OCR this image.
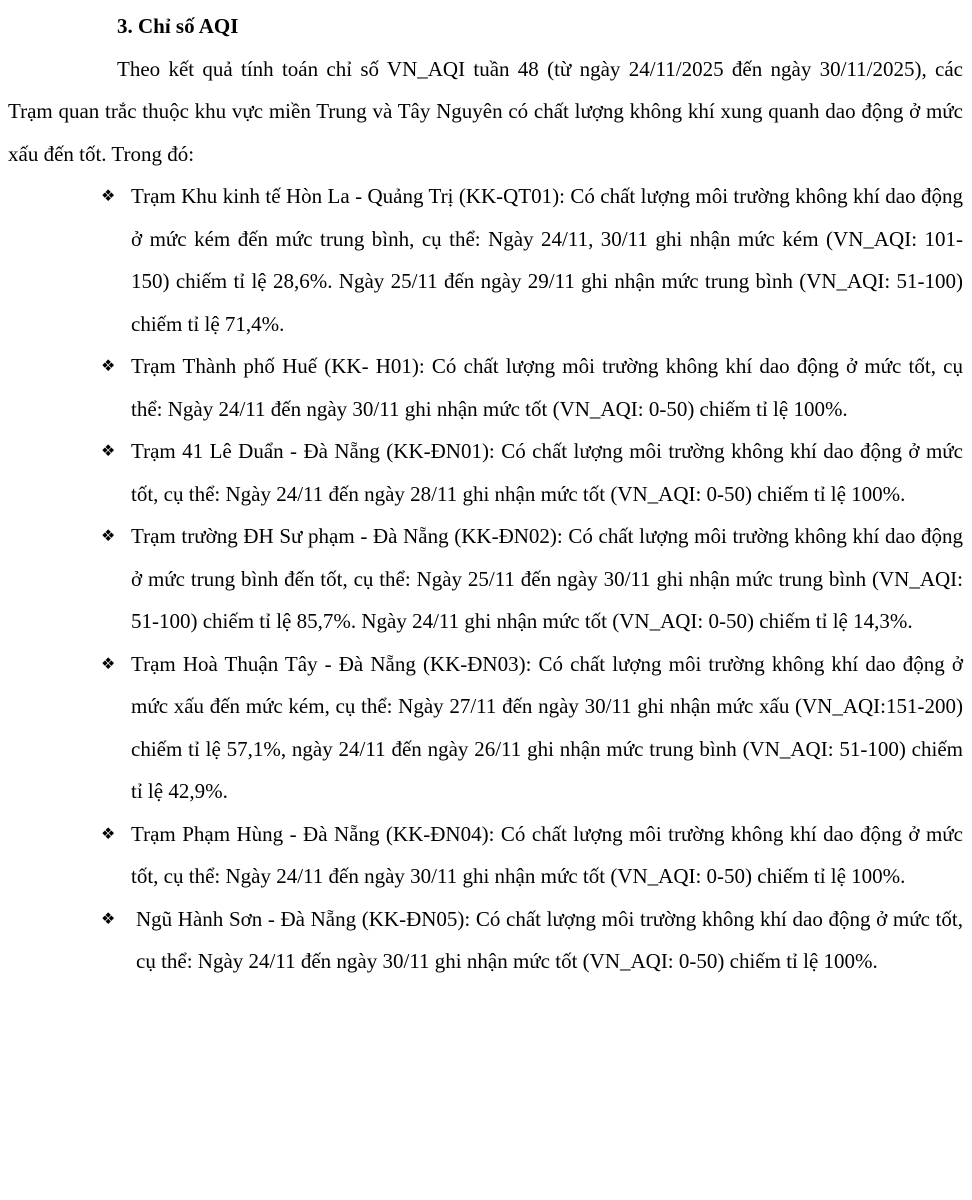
3. Chỉ số AQI

Theo kết quả tính toán chỉ số VN_AQI tuần 48 (từ ngày 24/11/2025 đến ngày 30/11/2025), các Trạm quan trắc thuộc khu vực miền Trung và Tây Nguyên có chất lượng không khí xung quanh dao động ở mức xấu đến tốt. Trong đó:

❖ Trạm Khu kinh tế Hòn La - Quảng Trị (KK-QT01): Có chất lượng môi trường không khí dao động ở mức kém đến mức trung bình, cụ thể: Ngày 24/11, 30/11 ghi nhận mức kém (VN_AQI: 101-150) chiếm tỉ lệ 28,6%. Ngày 25/11 đến ngày 29/11 ghi nhận mức trung bình (VN_AQI: 51-100) chiếm tỉ lệ 71,4%.
❖ Trạm Thành phố Huế (KK- H01): Có chất lượng môi trường không khí dao động ở mức tốt, cụ thể: Ngày 24/11 đến ngày 30/11 ghi nhận mức tốt (VN_AQI: 0-50) chiếm tỉ lệ 100%.
❖ Trạm 41 Lê Duẩn - Đà Nẵng (KK-ĐN01): Có chất lượng môi trường không khí dao động ở mức tốt, cụ thể: Ngày 24/11 đến ngày 28/11 ghi nhận mức tốt (VN_AQI: 0-50) chiếm tỉ lệ 100%.
❖ Trạm trường ĐH Sư phạm - Đà Nẵng (KK-ĐN02): Có chất lượng môi trường không khí dao động ở mức trung bình đến tốt, cụ thể: Ngày 25/11 đến ngày 30/11 ghi nhận mức trung bình (VN_AQI: 51-100) chiếm tỉ lệ 85,7%. Ngày 24/11 ghi nhận mức tốt (VN_AQI: 0-50) chiếm tỉ lệ 14,3%.
❖ Trạm Hoà Thuận Tây - Đà Nẵng (KK-ĐN03): Có chất lượng môi trường không khí dao động ở mức xấu đến mức kém, cụ thể: Ngày 27/11 đến ngày 30/11 ghi nhận mức xấu (VN_AQI:151-200) chiếm tỉ lệ 57,1%, ngày 24/11 đến ngày 26/11 ghi nhận mức trung bình (VN_AQI: 51-100) chiếm tỉ lệ 42,9%.
❖ Trạm Phạm Hùng - Đà Nẵng (KK-ĐN04): Có chất lượng môi trường không khí dao động ở mức tốt, cụ thể: Ngày 24/11 đến ngày 30/11 ghi nhận mức tốt (VN_AQI: 0-50) chiếm tỉ lệ 100%.
❖ Ngũ Hành Sơn - Đà Nẵng (KK-ĐN05): Có chất lượng môi trường không khí dao động ở mức tốt, cụ thể: Ngày 24/11 đến ngày 30/11 ghi nhận mức tốt (VN_AQI: 0-50) chiếm tỉ lệ 100%.
